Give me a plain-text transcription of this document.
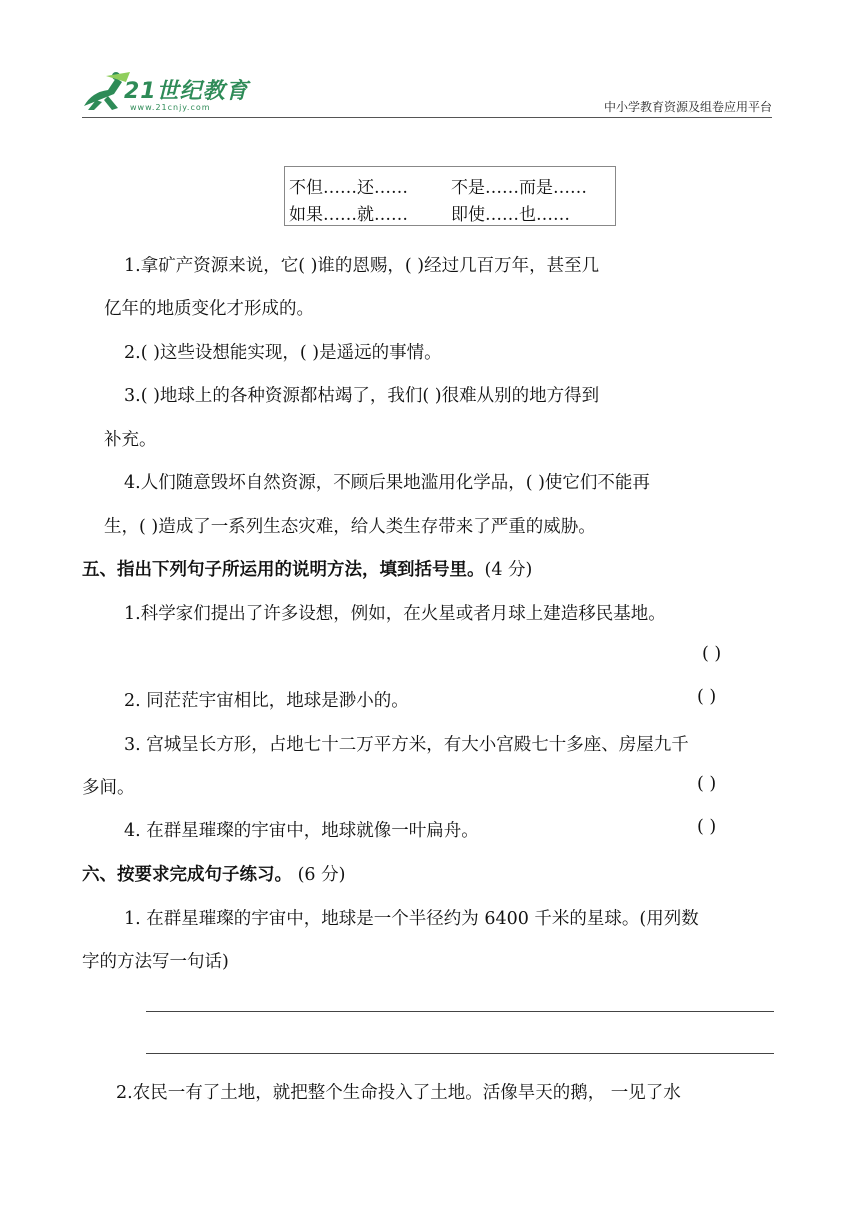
21世纪教育
www.21cnjy.com	中小学教育资源及组卷应用平台
不但……还……	不是……而是……
如果……就……	即使……也……
1.拿矿产资源来说，它( )谁的恩赐，( )经过几百万年，甚至几
亿年的地质变化才形成的。
2.( )这些设想能实现，( )是遥远的事情。
3.( )地球上的各种资源都枯竭了，我们( )很难从别的地方得到
补充。
4.人们随意毁坏自然资源，不顾后果地滥用化学品，( )使它们不能再
生，( )造成了一系列生态灾难，给人类生存带来了严重的威胁。
五、指出下列句子所运用的说明方法，填到括号里。(4 分)
1.科学家们提出了许多设想，例如，在火星或者月球上建造移民基地。
( )
2. 同茫茫宇宙相比，地球是渺小的。	( )
3. 宫城呈长方形，占地七十二万平方米，有大小宫殿七十多座、房屋九千
多间。	( )
4. 在群星璀璨的宇宙中，地球就像一叶扁舟。	( )
六、按要求完成句子练习。 (6 分)
1. 在群星璀璨的宇宙中，地球是一个半径约为 6400 千米的星球。(用列数
字的方法写一句话)
2.农民一有了土地，就把整个生命投入了土地。活像旱天的鹅， 一见了水
